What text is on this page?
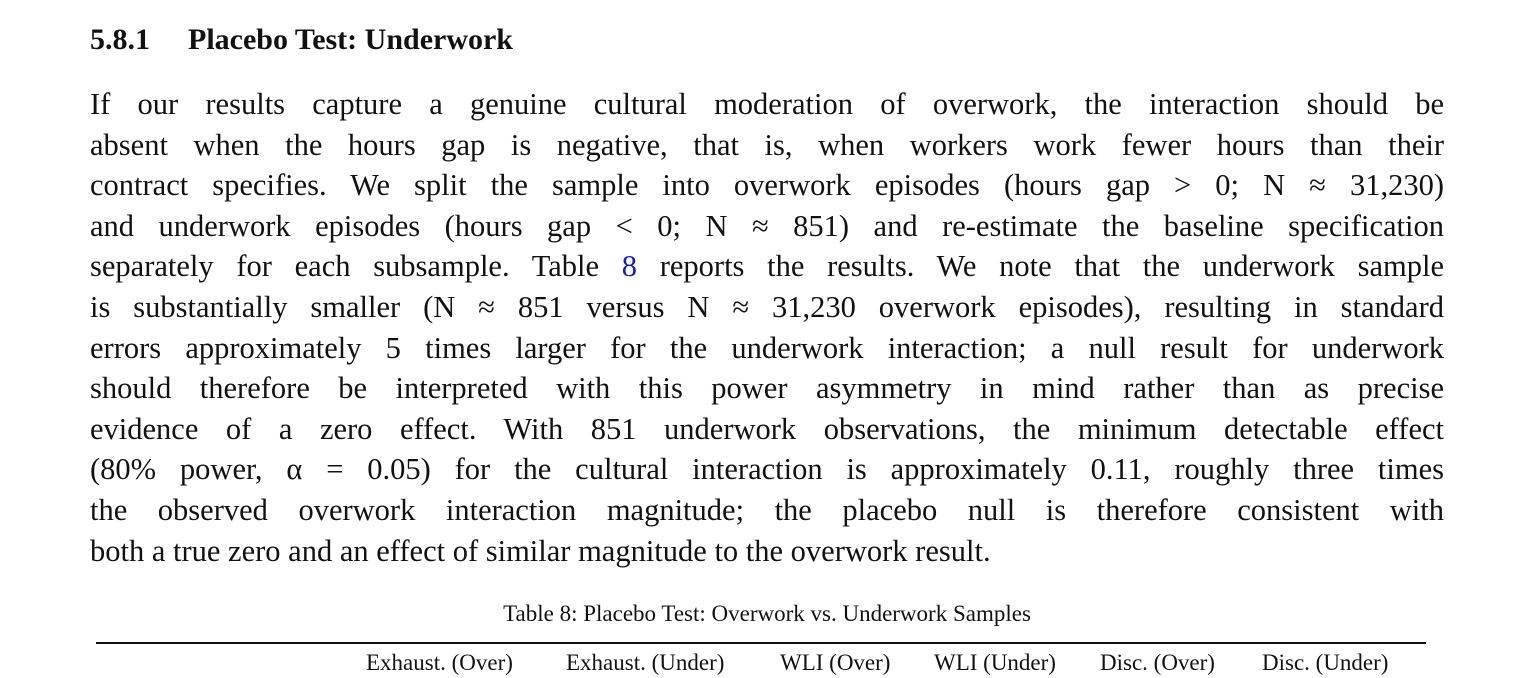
5.8.1 Placebo Test: Underwork
If our results capture a genuine cultural moderation of overwork, the interaction should be
absent when the hours gap is negative, that is, when workers work fewer hours than their
contract specifies. We split the sample into overwork episodes (hours gap > 0; N ≈ 31,230)
and underwork episodes (hours gap < 0; N ≈ 851) and re-estimate the baseline specification
separately for each subsample. Table 8 reports the results. We note that the underwork sample
is substantially smaller (N ≈ 851 versus N ≈ 31,230 overwork episodes), resulting in standard
errors approximately 5 times larger for the underwork interaction; a null result for underwork
should therefore be interpreted with this power asymmetry in mind rather than as precise
evidence of a zero effect. With 851 underwork observations, the minimum detectable effect
(80% power, α = 0.05) for the cultural interaction is approximately 0.11, roughly three times
the observed overwork interaction magnitude; the placebo null is therefore consistent with
both a true zero and an effect of similar magnitude to the overwork result.
Table 8: Placebo Test: Overwork vs. Underwork Samples
Exhaust. (Over) Exhaust. (Under) WLI (Over) WLI (Under) Disc. (Over) Disc. (Under)
